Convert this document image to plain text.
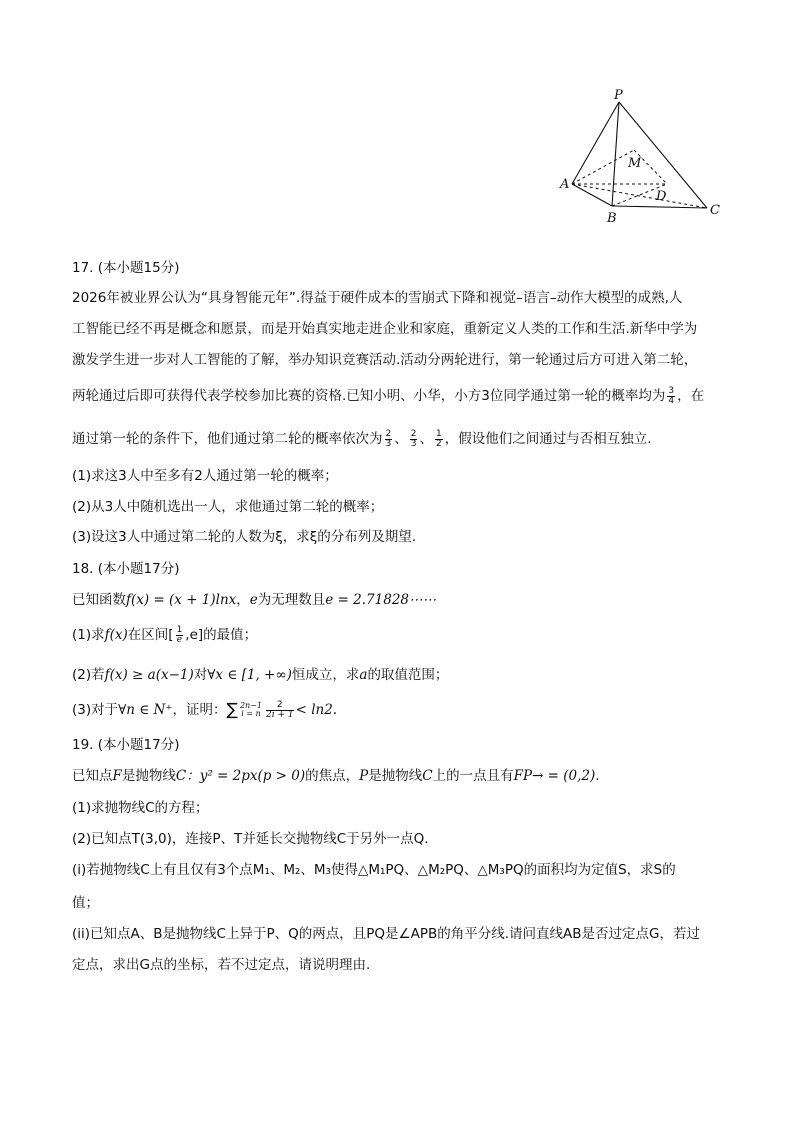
P
M
A
D
B
C
17. (本小题15分)
2026年被业界公认为“具身智能元年”.得益于硬件成本的雪崩式下降和视觉–语言–动作大模型的成熟,人
工智能已经不再是概念和愿景，而是开始真实地走进企业和家庭，重新定义人类的工作和生活.新华中学为
激发学生进一步对人工智能的了解，举办知识竞赛活动.活动分两轮进行，第一轮通过后方可进入第二轮，
两轮通过后即可获得代表学校参加比赛的资格.已知小明、小华，小方3位同学通过第一轮的概率均为 $\frac{3}{4}$ ，在
通过第一轮的条件下，他们通过第二轮的概率依次为 $\frac{2}{3}$ 、 $\frac{2}{3}$ 、 $\frac{1}{2}$ ，假设他们之间通过与否相互独立.
(1)求这3人中至多有2人通过第一轮的概率；
(2)从3人中随机选出一人，求他通过第二轮的概率；
(3)设这3人中通过第二轮的人数为ξ，求ξ的分布列及期望.
18. (本小题17分)
已知函数f(x) = (x + 1)lnx，e为无理数且e = 2.71828⋯⋯
(1)求f(x)在区间[ $\frac{1}{e} ,e$]的最值；
(2)若f(x) ≥ a(x−1)对∀x ∈ [1, +∞)恒成立，求a的取值范围；
(3)对于∀n ∈ N⁺，证明：∑ 2n−1
i = n $\frac{2}{2i + 1} < \ln 2$.
19. (本小题17分)
已知点F是抛物线C：y² = 2px(p > 0)的焦点，P是抛物线C上的一点且有FP→ = (0,2).
(1)求抛物线C的方程；
(2)已知点T(3,0)，连接P、T并延长交抛物线C于另外一点Q.
(i)若抛物线C上有且仅有3个点M₁、M₂、M₃使得△M₁PQ、△M₂PQ、△M₃PQ的面积均为定值S，求S的
值；
(ii)已知点A、B是抛物线C上异于P、Q的两点，且PQ是∠APB的角平分线.请问直线AB是否过定点G，若过
定点，求出G点的坐标，若不过定点，请说明理由.
